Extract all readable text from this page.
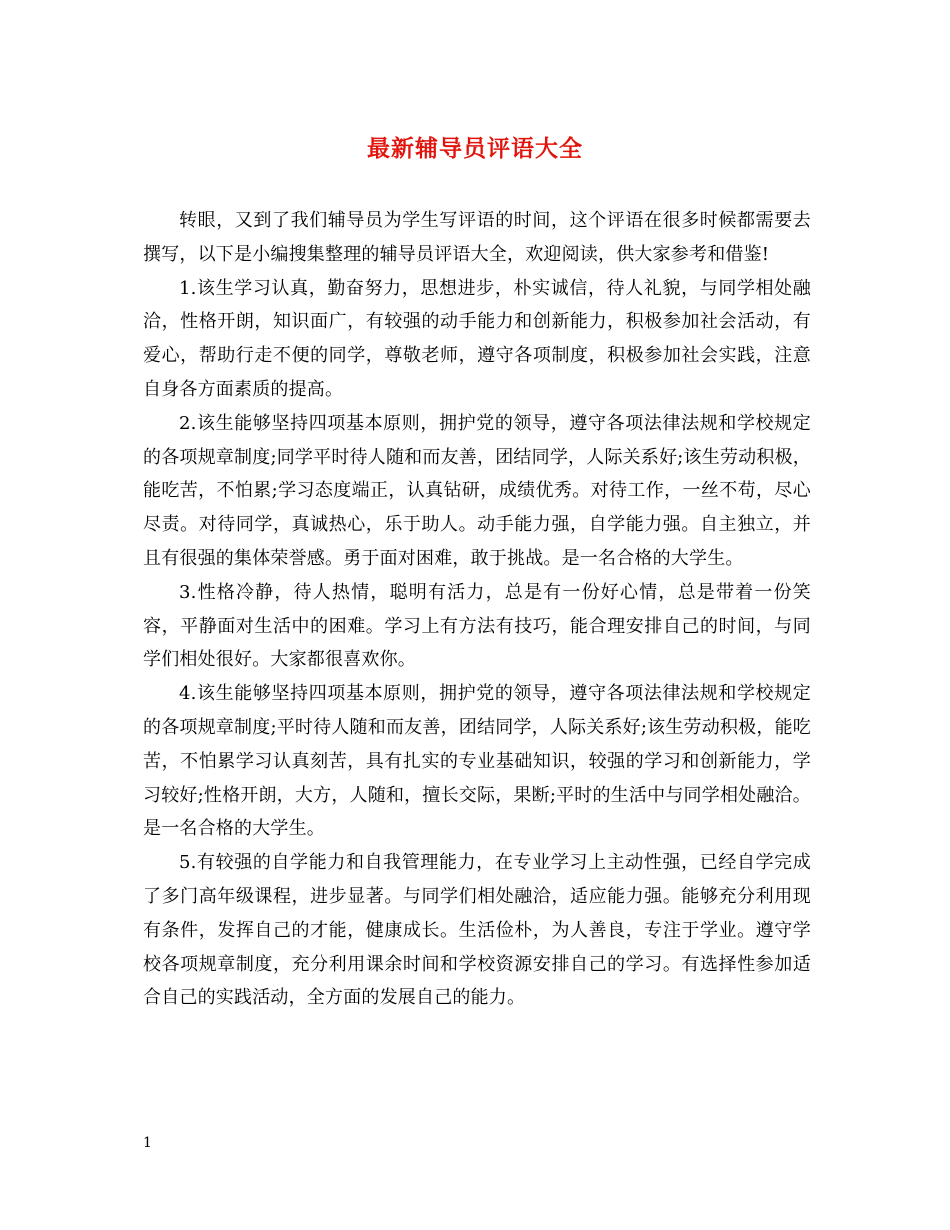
最新辅导员评语大全

转眼，又到了我们辅导员为学生写评语的时间，这个评语在很多时候都需要去撰写，以下是小编搜集整理的辅导员评语大全，欢迎阅读，供大家参考和借鉴!

1.该生学习认真，勤奋努力，思想进步，朴实诚信，待人礼貌，与同学相处融洽，性格开朗，知识面广，有较强的动手能力和创新能力，积极参加社会活动，有爱心，帮助行走不便的同学，尊敬老师，遵守各项制度，积极参加社会实践，注意自身各方面素质的提高。

2.该生能够坚持四项基本原则，拥护党的领导，遵守各项法律法规和学校规定的各项规章制度;同学平时待人随和而友善，团结同学，人际关系好;该生劳动积极，能吃苦，不怕累;学习态度端正，认真钻研，成绩优秀。对待工作，一丝不苟，尽心尽责。对待同学，真诚热心，乐于助人。动手能力强，自学能力强。自主独立，并且有很强的集体荣誉感。勇于面对困难，敢于挑战。是一名合格的大学生。

3.性格冷静，待人热情，聪明有活力，总是有一份好心情，总是带着一份笑容，平静面对生活中的困难。学习上有方法有技巧，能合理安排自己的时间，与同学们相处很好。大家都很喜欢你。

4.该生能够坚持四项基本原则，拥护党的领导，遵守各项法律法规和学校规定的各项规章制度;平时待人随和而友善，团结同学，人际关系好;该生劳动积极，能吃苦，不怕累学习认真刻苦，具有扎实的专业基础知识，较强的学习和创新能力，学习较好;性格开朗，大方，人随和，擅长交际，果断;平时的生活中与同学相处融洽。是一名合格的大学生。

5.有较强的自学能力和自我管理能力，在专业学习上主动性强，已经自学完成了多门高年级课程，进步显著。与同学们相处融洽，适应能力强。能够充分利用现有条件，发挥自己的才能，健康成长。生活俭朴，为人善良，专注于学业。遵守学校各项规章制度，充分利用课余时间和学校资源安排自己的学习。有选择性参加适合自己的实践活动，全方面的发展自己的能力。

1
